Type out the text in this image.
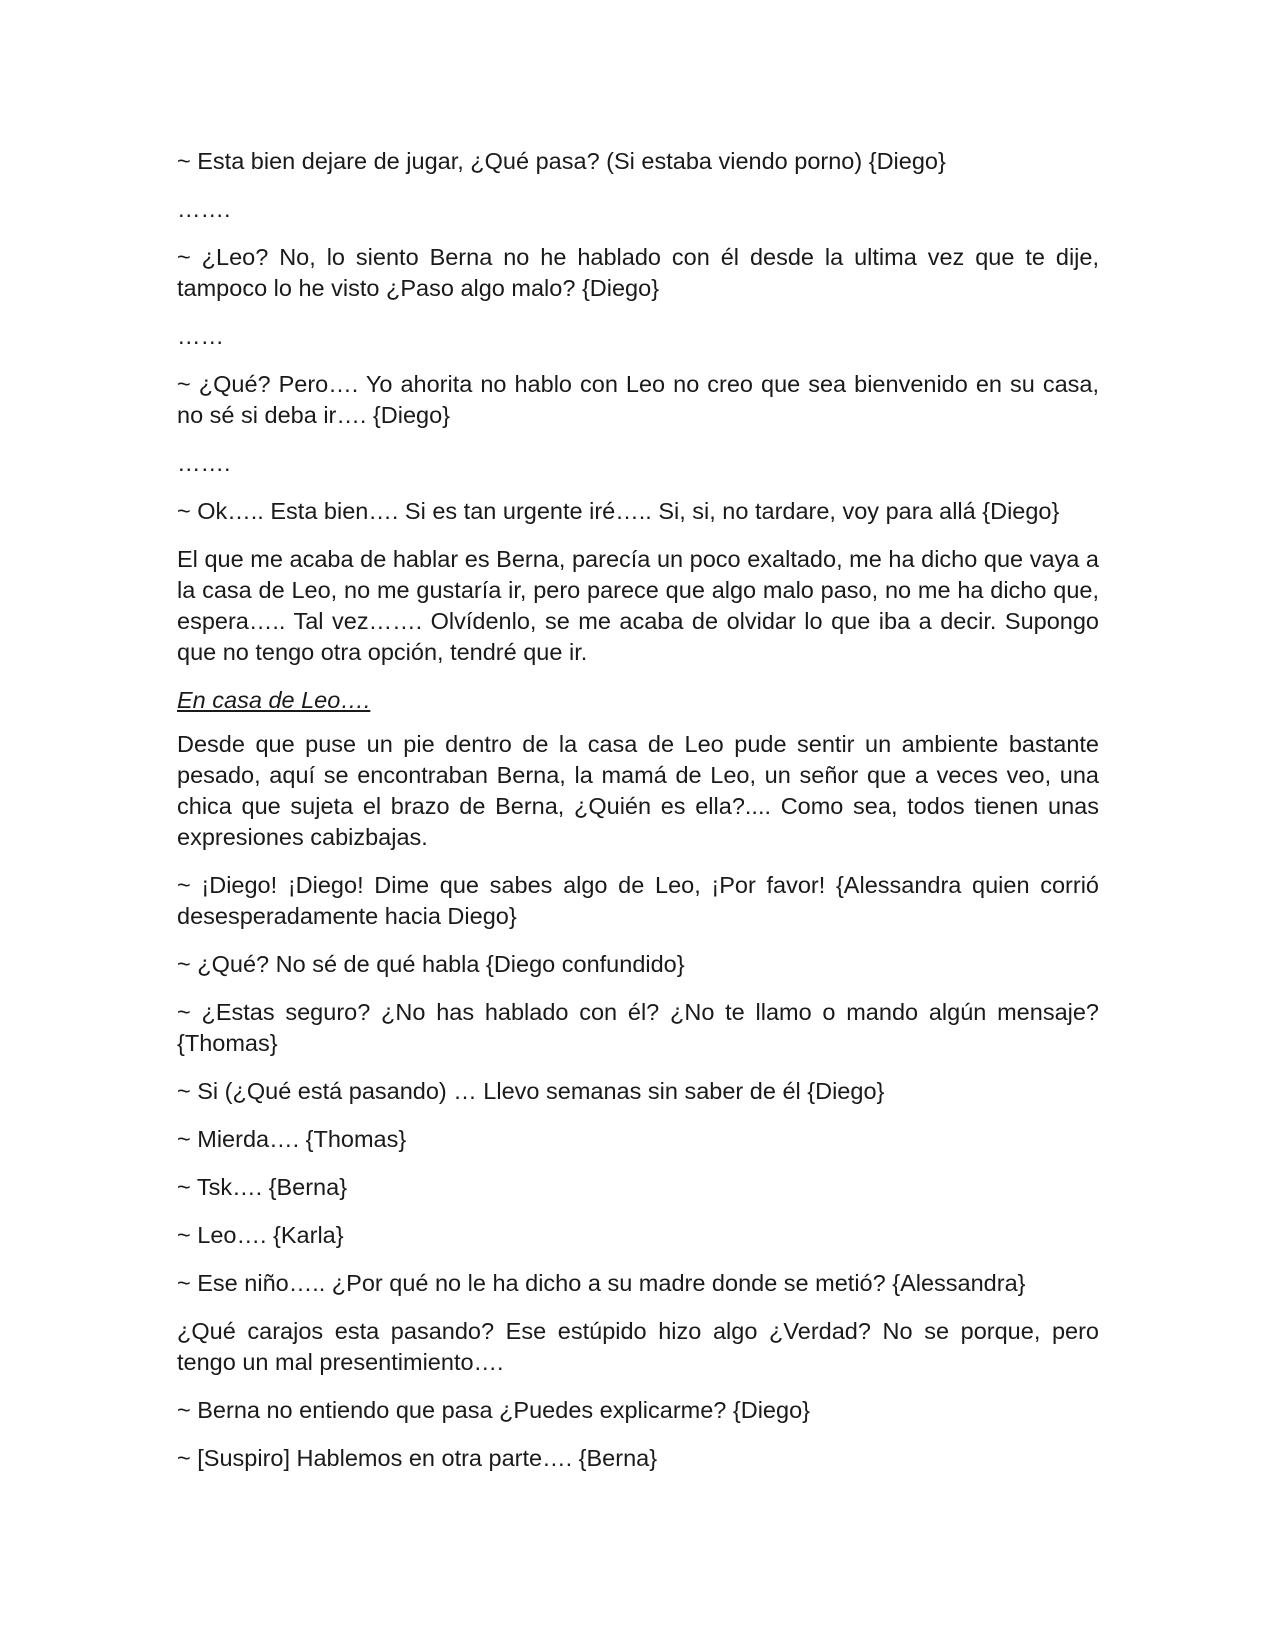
~ Esta bien dejare de jugar, ¿Qué pasa? (Si estaba viendo porno) {Diego}

…….

~ ¿Leo? No, lo siento Berna no he hablado con él desde la ultima vez que te dije, tampoco lo he visto ¿Paso algo malo? {Diego}

……

~ ¿Qué? Pero…. Yo ahorita no hablo con Leo no creo que sea bienvenido en su casa, no sé si deba ir…. {Diego}

…….

~ Ok….. Esta bien…. Si es tan urgente iré….. Si, si, no tardare, voy para allá {Diego}

El que me acaba de hablar es Berna, parecía un poco exaltado, me ha dicho que vaya a la casa de Leo, no me gustaría ir, pero parece que algo malo paso, no me ha dicho que, espera….. Tal vez……. Olvídenlo, se me acaba de olvidar lo que iba a decir. Supongo que no tengo otra opción, tendré que ir.

En casa de Leo….

Desde que puse un pie dentro de la casa de Leo pude sentir un ambiente bastante pesado, aquí se encontraban Berna, la mamá de Leo, un señor que a veces veo, una chica que sujeta el brazo de Berna, ¿Quién es ella?.... Como sea, todos tienen unas expresiones cabizbajas.

~ ¡Diego! ¡Diego! Dime que sabes algo de Leo, ¡Por favor! {Alessandra quien corrió desesperadamente hacia Diego}

~ ¿Qué? No sé de qué habla {Diego confundido}

~ ¿Estas seguro? ¿No has hablado con él? ¿No te llamo o mando algún mensaje? {Thomas}

~ Si (¿Qué está pasando) … Llevo semanas sin saber de él {Diego}

~ Mierda…. {Thomas}

~ Tsk…. {Berna}

~ Leo…. {Karla}

~ Ese niño….. ¿Por qué no le ha dicho a su madre donde se metió? {Alessandra}

¿Qué carajos esta pasando? Ese estúpido hizo algo ¿Verdad? No se porque, pero tengo un mal presentimiento….

~ Berna no entiendo que pasa ¿Puedes explicarme? {Diego}

~ [Suspiro] Hablemos en otra parte…. {Berna}
